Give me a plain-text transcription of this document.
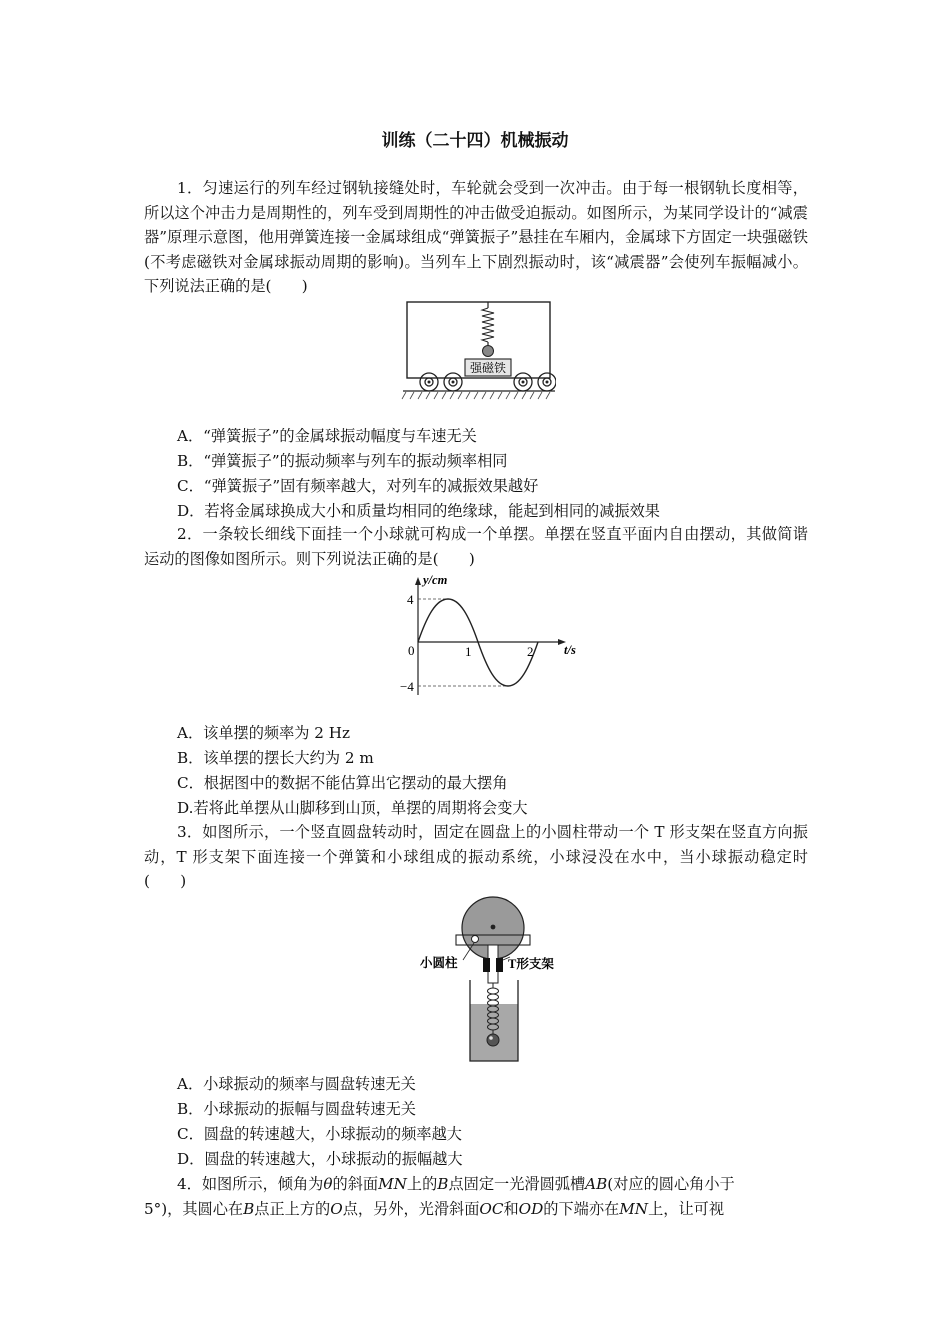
训练（二十四）机械振动
1．匀速运行的列车经过钢轨接缝处时，车轮就会受到一次冲击。由于每一根钢轨长度相等，所以这个冲击力是周期性的，列车受到周期性的冲击做受迫振动。如图所示，为某同学设计的“减震器”原理示意图，他用弹簧连接一金属球组成“弹簧振子”悬挂在车厢内，金属球下方固定一块强磁铁(不考虑磁铁对金属球振动周期的影响)。当列车上下剧烈振动时，该“减震器”会使列车振幅减小。下列说法正确的是(　　)
强磁铁
A．“弹簧振子”的金属球振动幅度与车速无关
B．“弹簧振子”的振动频率与列车的振动频率相同
C．“弹簧振子”固有频率越大，对列车的减振效果越好
D．若将金属球换成大小和质量均相同的绝缘球，能起到相同的减振效果
2．一条较长细线下面挂一个小球就可构成一个单摆。单摆在竖直平面内自由摆动，其做简谐运动的图像如图所示。则下列说法正确的是(　　)
y/cm
t/s
0	1	2
4
−4
A．该单摆的频率为 2 Hz
B．该单摆的摆长大约为 2 m
C．根据图中的数据不能估算出它摆动的最大摆角
D.若将此单摆从山脚移到山顶，单摆的周期将会变大
3．如图所示，一个竖直圆盘转动时，固定在圆盘上的小圆柱带动一个 T 形支架在竖直方向振动，T 形支架下面连接一个弹簧和小球组成的振动系统，小球浸没在水中，当小球振动稳定时(　　)
小圆柱	T形支架
A．小球振动的频率与圆盘转速无关
B．小球振动的振幅与圆盘转速无关
C．圆盘的转速越大，小球振动的频率越大
D．圆盘的转速越大，小球振动的振幅越大
4．如图所示，倾角为θ的斜面MN上的B点固定一光滑圆弧槽AB(对应的圆心角小于
5°)，其圆心在B点正上方的O点，另外，光滑斜面OC和OD的下端亦在MN上，让可视
